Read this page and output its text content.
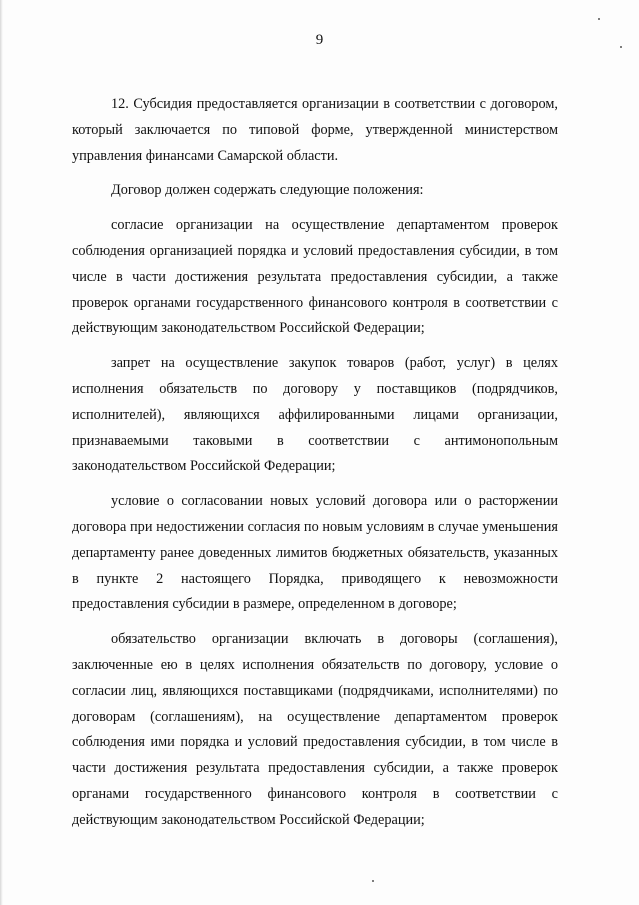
9

12. Субсидия предоставляется организации в соответствии с договором, который заключается по типовой форме, утвержденной министерством управления финансами Самарской области.

Договор должен содержать следующие положения:

согласие организации на осуществление департаментом проверок соблюдения организацией порядка и условий предоставления субсидии, в том числе в части достижения результата предоставления субсидии, а также проверок органами государственного финансового контроля в соответствии с действующим законодательством Российской Федерации;

запрет на осуществление закупок товаров (работ, услуг) в целях исполнения обязательств по договору у поставщиков (подрядчиков, исполнителей), являющихся аффилированными лицами организации, признаваемыми таковыми в соответствии с антимонопольным законодательством Российской Федерации;

условие о согласовании новых условий договора или о расторжении договора при недостижении согласия по новым условиям в случае уменьшения департаменту ранее доведенных лимитов бюджетных обязательств, указанных в пункте 2 настоящего Порядка, приводящего к невозможности предоставления субсидии в размере, определенном в договоре;

обязательство организации включать в договоры (соглашения), заключенные ею в целях исполнения обязательств по договору, условие о согласии лиц, являющихся поставщиками (подрядчиками, исполнителями) по договорам (соглашениям), на осуществление департаментом проверок соблюдения ими порядка и условий предоставления субсидии, в том числе в части достижения результата предоставления субсидии, а также проверок органами государственного финансового контроля в соответствии с действующим законодательством Российской Федерации;
